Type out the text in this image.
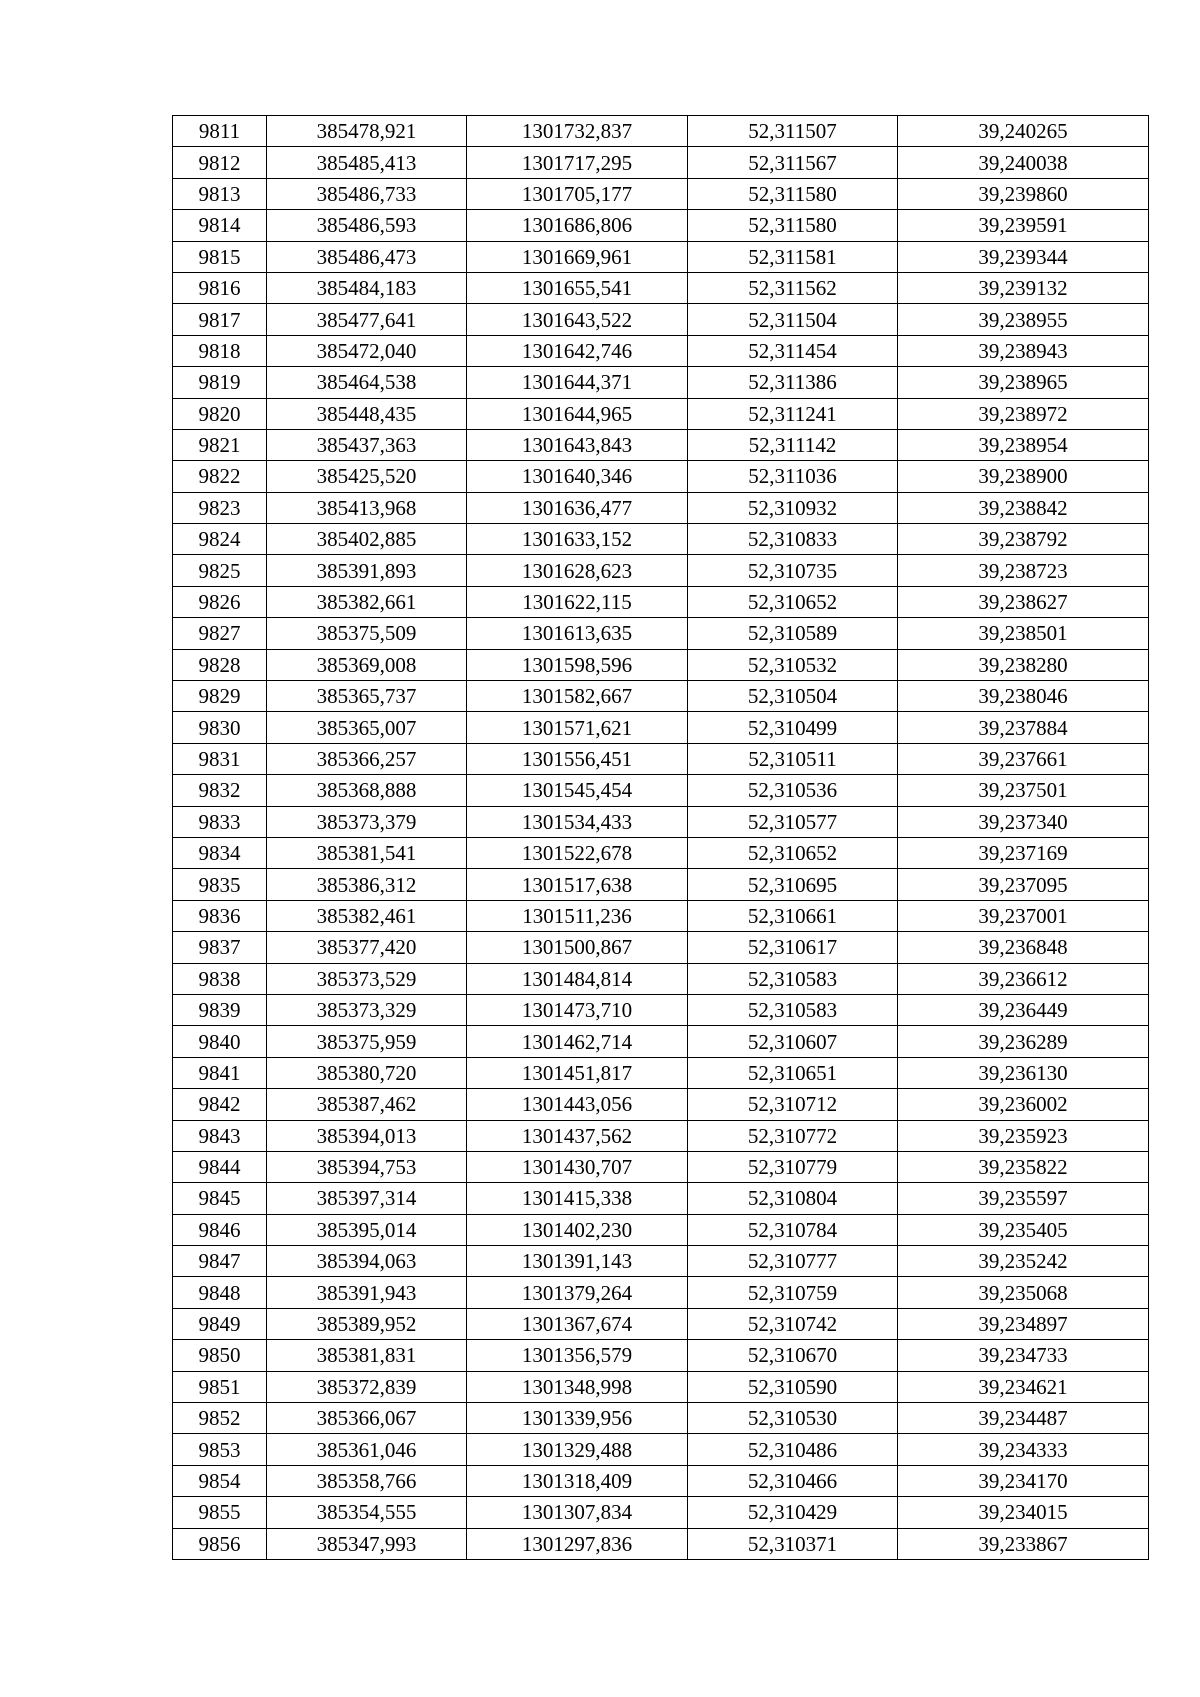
9811	385478,921	1301732,837	52,311507	39,240265
9812	385485,413	1301717,295	52,311567	39,240038
9813	385486,733	1301705,177	52,311580	39,239860
9814	385486,593	1301686,806	52,311580	39,239591
9815	385486,473	1301669,961	52,311581	39,239344
9816	385484,183	1301655,541	52,311562	39,239132
9817	385477,641	1301643,522	52,311504	39,238955
9818	385472,040	1301642,746	52,311454	39,238943
9819	385464,538	1301644,371	52,311386	39,238965
9820	385448,435	1301644,965	52,311241	39,238972
9821	385437,363	1301643,843	52,311142	39,238954
9822	385425,520	1301640,346	52,311036	39,238900
9823	385413,968	1301636,477	52,310932	39,238842
9824	385402,885	1301633,152	52,310833	39,238792
9825	385391,893	1301628,623	52,310735	39,238723
9826	385382,661	1301622,115	52,310652	39,238627
9827	385375,509	1301613,635	52,310589	39,238501
9828	385369,008	1301598,596	52,310532	39,238280
9829	385365,737	1301582,667	52,310504	39,238046
9830	385365,007	1301571,621	52,310499	39,237884
9831	385366,257	1301556,451	52,310511	39,237661
9832	385368,888	1301545,454	52,310536	39,237501
9833	385373,379	1301534,433	52,310577	39,237340
9834	385381,541	1301522,678	52,310652	39,237169
9835	385386,312	1301517,638	52,310695	39,237095
9836	385382,461	1301511,236	52,310661	39,237001
9837	385377,420	1301500,867	52,310617	39,236848
9838	385373,529	1301484,814	52,310583	39,236612
9839	385373,329	1301473,710	52,310583	39,236449
9840	385375,959	1301462,714	52,310607	39,236289
9841	385380,720	1301451,817	52,310651	39,236130
9842	385387,462	1301443,056	52,310712	39,236002
9843	385394,013	1301437,562	52,310772	39,235923
9844	385394,753	1301430,707	52,310779	39,235822
9845	385397,314	1301415,338	52,310804	39,235597
9846	385395,014	1301402,230	52,310784	39,235405
9847	385394,063	1301391,143	52,310777	39,235242
9848	385391,943	1301379,264	52,310759	39,235068
9849	385389,952	1301367,674	52,310742	39,234897
9850	385381,831	1301356,579	52,310670	39,234733
9851	385372,839	1301348,998	52,310590	39,234621
9852	385366,067	1301339,956	52,310530	39,234487
9853	385361,046	1301329,488	52,310486	39,234333
9854	385358,766	1301318,409	52,310466	39,234170
9855	385354,555	1301307,834	52,310429	39,234015
9856	385347,993	1301297,836	52,310371	39,233867
